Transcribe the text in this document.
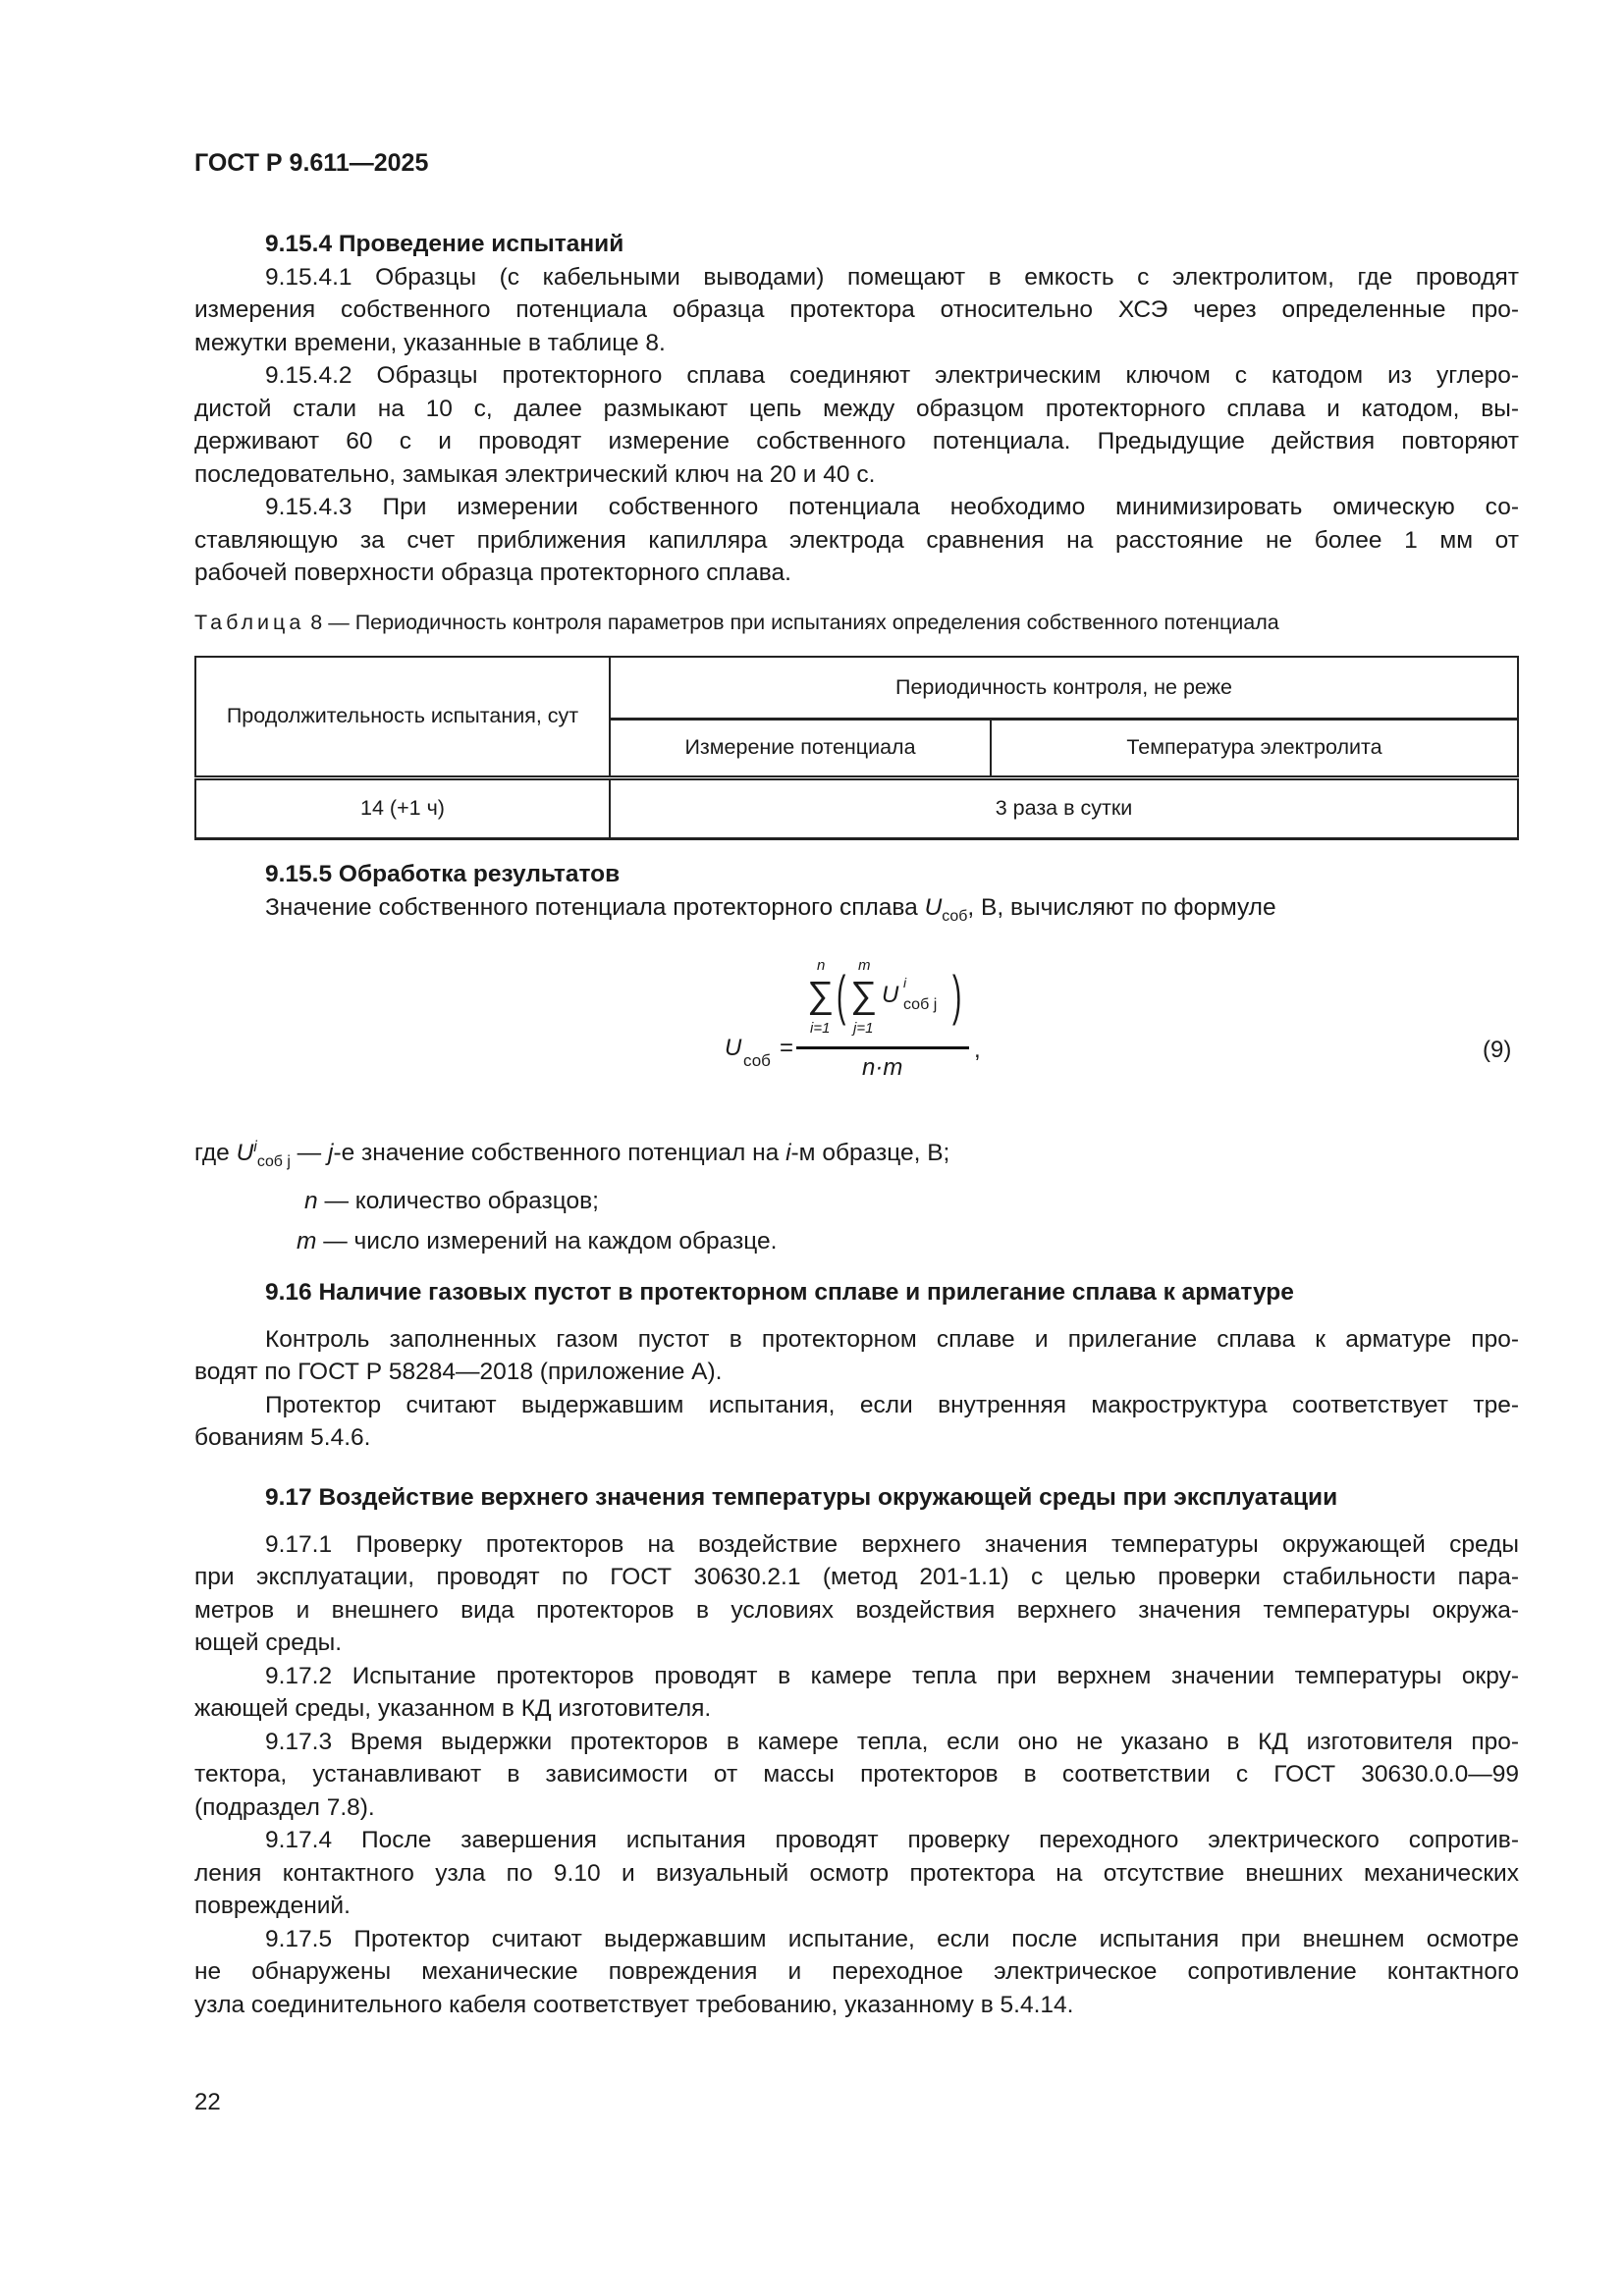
ГОСТ Р 9.611—2025
9.15.4 Проведение испытаний
9.15.4.1 Образцы (с кабельными выводами) помещают в емкость с электролитом, где проводят
измерения собственного потенциала образца протектора относительно ХСЭ через определенные про-
межутки времени, указанные в таблице 8.
9.15.4.2 Образцы протекторного сплава соединяют электрическим ключом с катодом из углеро-
дистой стали на 10 с, далее размыкают цепь между образцом протекторного сплава и катодом, вы-
держивают 60 с и проводят измерение собственного потенциала. Предыдущие действия повторяют
последовательно, замыкая электрический ключ на 20 и 40 с.
9.15.4.3 При измерении собственного потенциала необходимо минимизировать омическую со-
ставляющую за счет приближения капилляра электрода сравнения на расстояние не более 1 мм от
рабочей поверхности образца протекторного сплава.
Таблица 8 — Периодичность контроля параметров при испытаниях определения собственного потенциала
Продолжительность испытания, сут	Периодичность контроля, не реже	
	Измерение потенциала	Температура электролита
14 (+1 ч)	3 раза в сутки	
9.15.5 Обработка результатов
Значение собственного потенциала протекторного сплава $U_{соб}$, В, вычисляют по формуле
U соб =
n
∑
i=1
( m
∑
j=1
U i
соб j )
n·m
,	(9)
где $U^i_{соб j}$ — j-е значение собственного потенциал на i-м образце, В;
n — количество образцов;
m — число измерений на каждом образце.
9.16 Наличие газовых пустот в протекторном сплаве и прилегание сплава к арматуре
Контроль заполненных газом пустот в протекторном сплаве и прилегание сплава к арматуре про-
водят по ГОСТ Р 58284—2018 (приложение А).
Протектор считают выдержавшим испытания, если внутренняя макроструктура соответствует тре-
бованиям 5.4.6.
9.17 Воздействие верхнего значения температуры окружающей среды при эксплуатации
9.17.1 Проверку протекторов на воздействие верхнего значения температуры окружающей среды
при эксплуатации, проводят по ГОСТ 30630.2.1 (метод 201-1.1) с целью проверки стабильности пара-
метров и внешнего вида протекторов в условиях воздействия верхнего значения температуры окружа-
ющей среды.
9.17.2 Испытание протекторов проводят в камере тепла при верхнем значении температуры окру-
жающей среды, указанном в КД изготовителя.
9.17.3 Время выдержки протекторов в камере тепла, если оно не указано в КД изготовителя про-
тектора, устанавливают в зависимости от массы протекторов в соответствии с ГОСТ 30630.0.0—99
(подраздел 7.8).
9.17.4 После завершения испытания проводят проверку переходного электрического сопротив-
ления контактного узла по 9.10 и визуальный осмотр протектора на отсутствие внешних механических
повреждений.
9.17.5 Протектор считают выдержавшим испытание, если после испытания при внешнем осмотре
не обнаружены механические повреждения и переходное электрическое сопротивление контактного
узла соединительного кабеля соответствует требованию, указанному в 5.4.14.
22
